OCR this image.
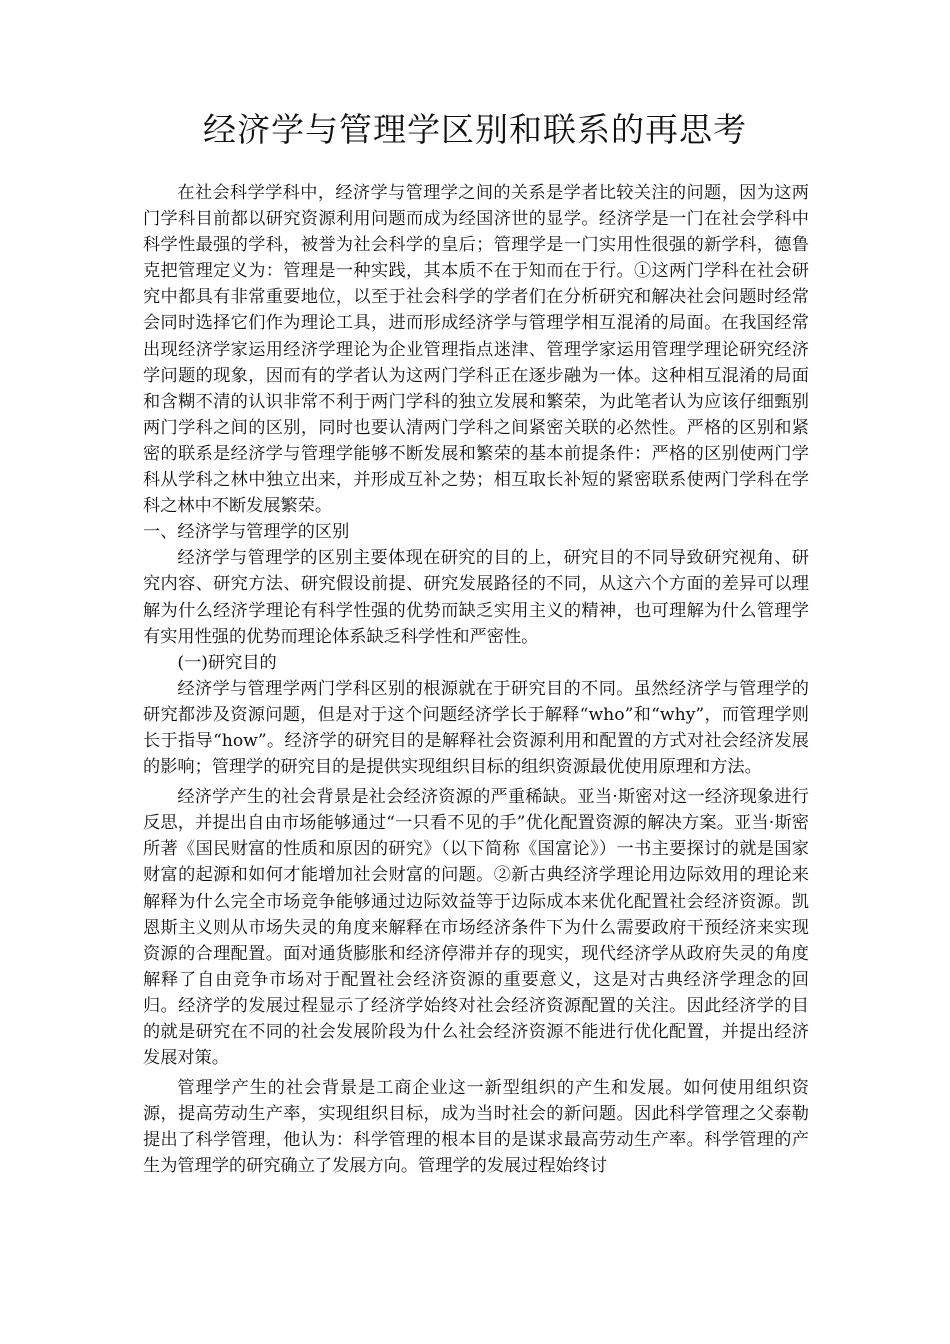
经济学与管理学区别和联系的再思考

在社会科学学科中，经济学与管理学之间的关系是学者比较关注的问题，因为这两门学科目前都以研究资源利用问题而成为经国济世的显学。经济学是一门在社会学科中科学性最强的学科，被誉为社会科学的皇后；管理学是一门实用性很强的新学科，德鲁克把管理定义为：管理是一种实践，其本质不在于知而在于行。①这两门学科在社会研究中都具有非常重要地位，以至于社会科学的学者们在分析研究和解决社会问题时经常会同时选择它们作为理论工具，进而形成经济学与管理学相互混淆的局面。在我国经常出现经济学家运用经济学理论为企业管理指点迷津、管理学家运用管理学理论研究经济学问题的现象，因而有的学者认为这两门学科正在逐步融为一体。这种相互混淆的局面和含糊不清的认识非常不利于两门学科的独立发展和繁荣，为此笔者认为应该仔细甄别两门学科之间的区别，同时也要认清两门学科之间紧密关联的必然性。严格的区别和紧密的联系是经济学与管理学能够不断发展和繁荣的基本前提条件：严格的区别使两门学科从学科之林中独立出来，并形成互补之势；相互取长补短的紧密联系使两门学科在学科之林中不断发展繁荣。

一、经济学与管理学的区别

经济学与管理学的区别主要体现在研究的目的上，研究目的不同导致研究视角、研究内容、研究方法、研究假设前提、研究发展路径的不同，从这六个方面的差异可以理解为什么经济学理论有科学性强的优势而缺乏实用主义的精神，也可理解为什么管理学有实用性强的优势而理论体系缺乏科学性和严密性。

(一)研究目的

经济学与管理学两门学科区别的根源就在于研究目的不同。虽然经济学与管理学的研究都涉及资源问题，但是对于这个问题经济学长于解释“who”和“why”，而管理学则长于指导“how”。经济学的研究目的是解释社会资源利用和配置的方式对社会经济发展的影响；管理学的研究目的是提供实现组织目标的组织资源最优使用原理和方法。

经济学产生的社会背景是社会经济资源的严重稀缺。亚当·斯密对这一经济现象进行反思，并提出自由市场能够通过“一只看不见的手”优化配置资源的解决方案。亚当·斯密所著《国民财富的性质和原因的研究》（以下简称《国富论》）一书主要探讨的就是国家财富的起源和如何才能增加社会财富的问题。②新古典经济学理论用边际效用的理论来解释为什么完全市场竞争能够通过边际效益等于边际成本来优化配置社会经济资源。凯恩斯主义则从市场失灵的角度来解释在市场经济条件下为什么需要政府干预经济来实现资源的合理配置。面对通货膨胀和经济停滞并存的现实，现代经济学从政府失灵的角度解释了自由竞争市场对于配置社会经济资源的重要意义，这是对古典经济学理念的回归。经济学的发展过程显示了经济学始终对社会经济资源配置的关注。因此经济学的目的就是研究在不同的社会发展阶段为什么社会经济资源不能进行优化配置，并提出经济发展对策。

管理学产生的社会背景是工商企业这一新型组织的产生和发展。如何使用组织资源，提高劳动生产率，实现组织目标，成为当时社会的新问题。因此科学管理之父泰勒提出了科学管理，他认为：科学管理的根本目的是谋求最高劳动生产率。科学管理的产生为管理学的研究确立了发展方向。管理学的发展过程始终讨
